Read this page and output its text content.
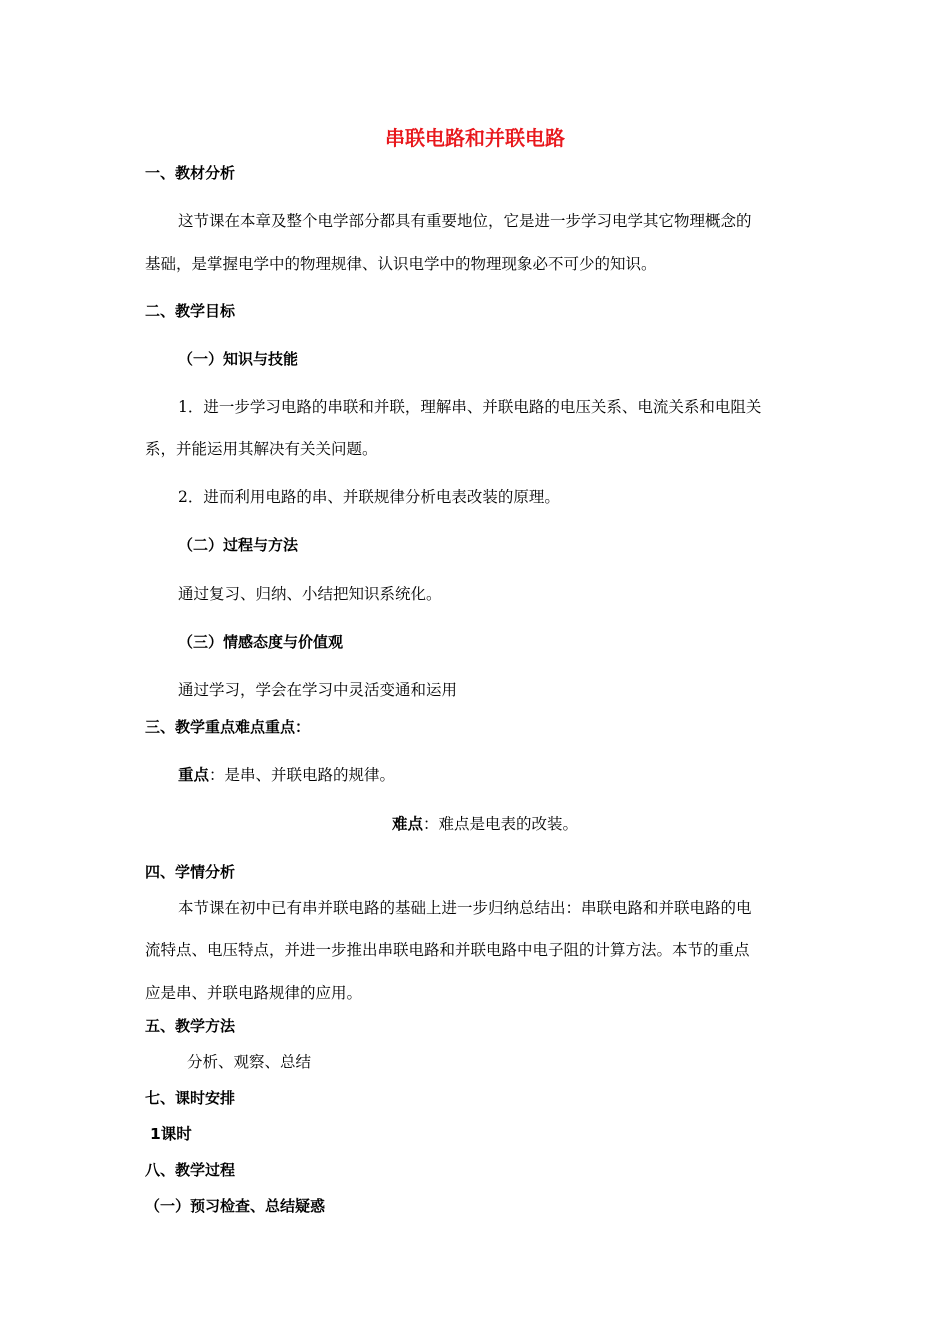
串联电路和并联电路
一、教材分析
这节课在本章及整个电学部分都具有重要地位，它是进一步学习电学其它物理概念的
基础，是掌握电学中的物理规律、认识电学中的物理现象必不可少的知识。
二、教学目标
（一）知识与技能
1．进一步学习电路的串联和并联，理解串、并联电路的电压关系、电流关系和电阻关
系，并能运用其解决有关关问题。
2．进而利用电路的串、并联规律分析电表改装的原理。
（二）过程与方法
通过复习、归纳、小结把知识系统化。
（三）情感态度与价值观
通过学习，学会在学习中灵活变通和运用
三、教学重点难点重点：
重点：是串、并联电路的规律。
难点：难点是电表的改装。
四、学情分析
本节课在初中已有串并联电路的基础上进一步归纳总结出：串联电路和并联电路的电
流特点、电压特点，并进一步推出串联电路和并联电路中电子阻的计算方法。本节的重点
应是串、并联电路规律的应用。
五、教学方法
分析、观察、总结
七、课时安排
1课时
八、教学过程
（一）预习检查、总结疑惑
